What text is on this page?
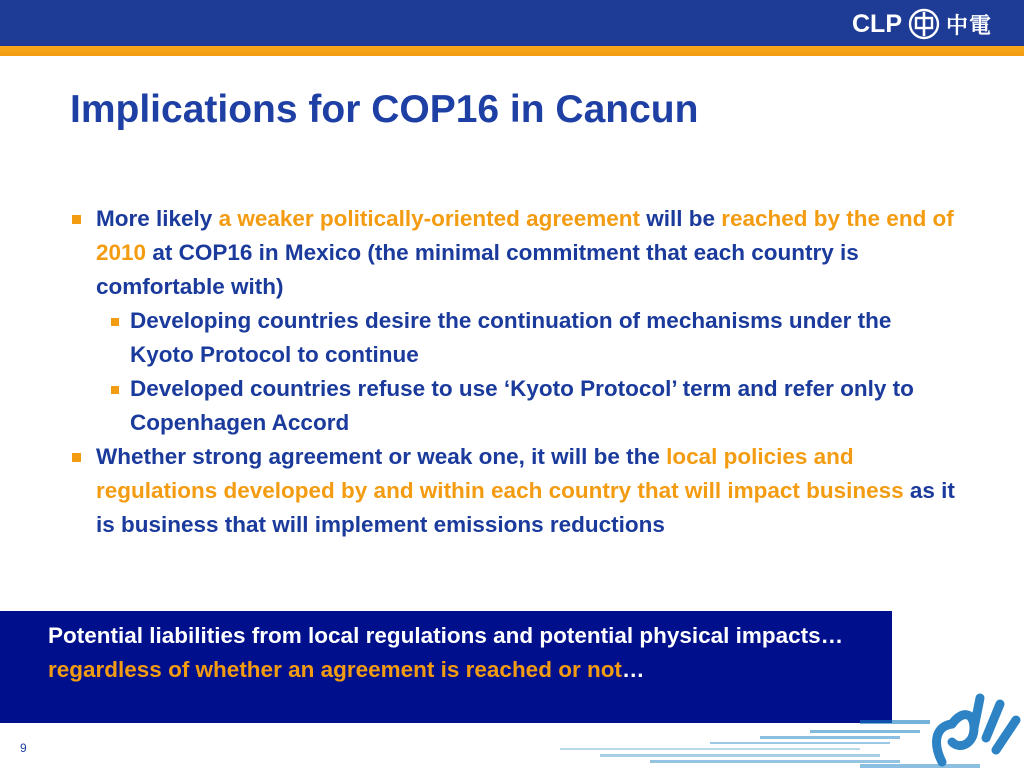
CLP 中電
Implications for COP16 in Cancun

More likely a weaker politically-oriented agreement will be reached by the end of 2010 at COP16 in Mexico (the minimal commitment that each country is comfortable with)

Developing countries desire the continuation of mechanisms under the Kyoto Protocol to continue

Developed countries refuse to use ‘Kyoto Protocol’ term and refer only to Copenhagen Accord

Whether strong agreement or weak one, it will be the local policies and regulations developed by and within each country that will impact business as it is business that will implement emissions reductions

Potential liabilities from local regulations and potential physical impacts…regardless of whether an agreement is reached or not…
9
